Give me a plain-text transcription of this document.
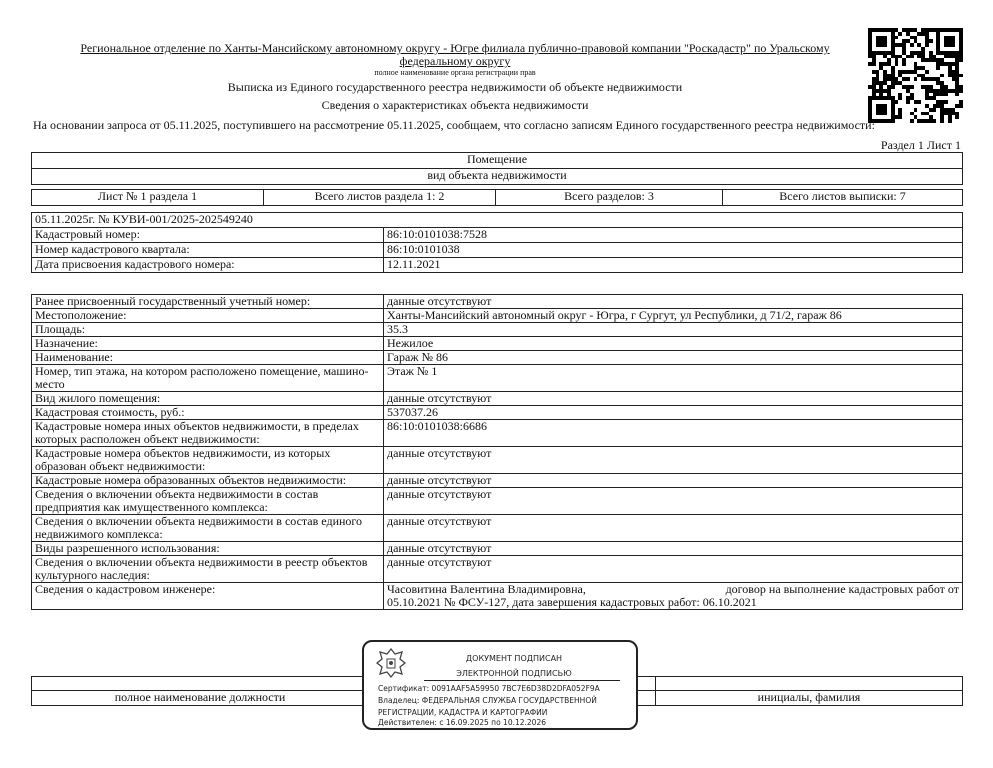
Региональное отделение по Ханты-Мансийскому автономному округу - Югре филиала публично-правовой компании "Роскадастр" по Уральскому
федеральному округу
полное наименование органа регистрации прав
Выписка из Единого государственного реестра недвижимости об объекте недвижимости
Сведения о характеристиках объекта недвижимости
На основании запроса от 05.11.2025, поступившего на рассмотрение 05.11.2025, сообщаем, что согласно записям Единого государственного реестра недвижимости:
Раздел 1 Лист 1
Помещение
вид объекта недвижимости
Лист № 1 раздела 1	Всего листов раздела 1: 2	Всего разделов: 3	Всего листов выписки: 7
05.11.2025г. № КУВИ-001/2025-202549240	
Кадастровый номер:	86:10:0101038:7528
Номер кадастрового квартала:	86:10:0101038
Дата присвоения кадастрового номера:	12.11.2021
Ранее присвоенный государственный учетный номер:	данные отсутствуют
Местоположение:	Ханты-Мансийский автономный округ - Югра, г Сургут, ул Республики, д 71/2, гараж 86
Площадь:	35.3
Назначение:	Нежилое
Наименование:	Гараж № 86
Номер, тип этажа, на котором расположено помещение, машино-место	Этаж № 1
Вид жилого помещения:	данные отсутствуют
Кадастровая стоимость, руб.:	537037.26
Кадастровые номера иных объектов недвижимости, в пределах которых расположен объект недвижимости:	86:10:0101038:6686
Кадастровые номера объектов недвижимости, из которых образован объект недвижимости:	данные отсутствуют
Кадастровые номера образованных объектов недвижимости:	данные отсутствуют
Сведения о включении объекта недвижимости в состав предприятия как имущественного комплекса:	данные отсутствуют
Сведения о включении объекта недвижимости в состав единого недвижимого комплекса:	данные отсутствуют
Виды разрешенного использования:	данные отсутствуют
Сведения о включении объекта недвижимости в реестр объектов культурного наследия:	данные отсутствуют
Сведения о кадастровом инженере:	Часовитина Валентина Владимировна, договор на выполнение кадастровых работ от
05.10.2021 № ФСУ-127, дата завершения кадастровых работ: 06.10.2021

полное наименование должности		инициалы, фамилия
ДОКУМЕНТ ПОДПИСАН
ЭЛЕКТРОННОЙ ПОДПИСЬЮ
Сертификат: 0091AAF5A59950 7BC7E6D38D2DFA052F9A
Владелец: ФЕДЕРАЛЬНАЯ СЛУЖБА ГОСУДАРСТВЕННОЙ
РЕГИСТРАЦИИ, КАДАСТРА И КАРТОГРАФИИ
Действителен: с 16.09.2025 по 10.12.2026
